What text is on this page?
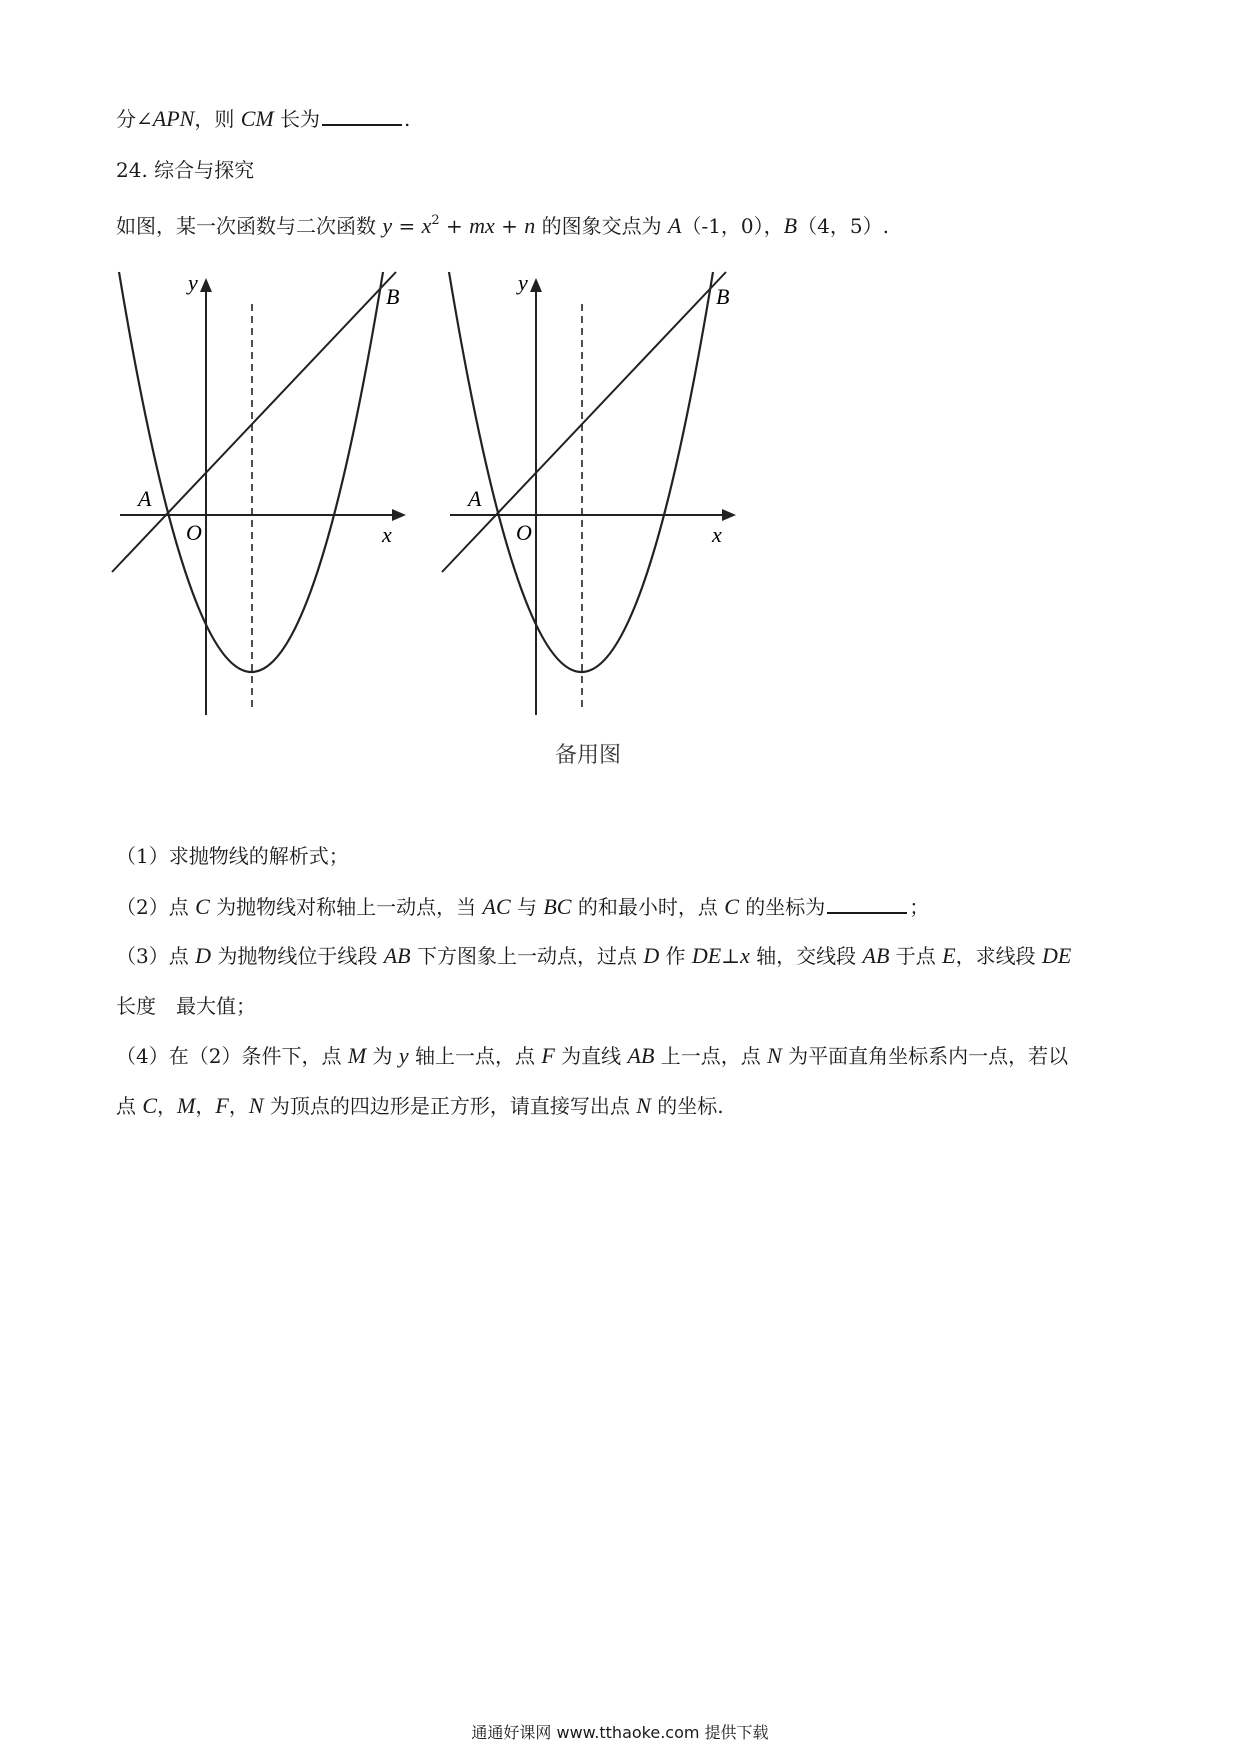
分∠APN，则 CM 长为	.
24. 综合与探究
如图，某一次函数与二次函数 $y = x^2$ + mx + n 的图象交点为 A（-1，0），B（4，5）.
y
x
O
A
B
y
x
O
A
B
备用图
（1）求抛物线的解析式；
（2）点 C 为抛物线对称轴上一动点，当 AC 与 BC 的和最小时，点 C 的坐标为	；
（3）点 D 为抛物线位于线段 AB 下方图象上一动点，过点 D 作 DE⊥x 轴，交线段 AB 于点 E，求线段 DE
长度　最大值；
（4）在（2）条件下，点 M 为 y 轴上一点，点 F 为直线 AB 上一点，点 N 为平面直角坐标系内一点，若以
点 C，M，F，N 为顶点的四边形是正方形，请直接写出点 N 的坐标.
通通好课网 www.tthaoke.com 提供下载
